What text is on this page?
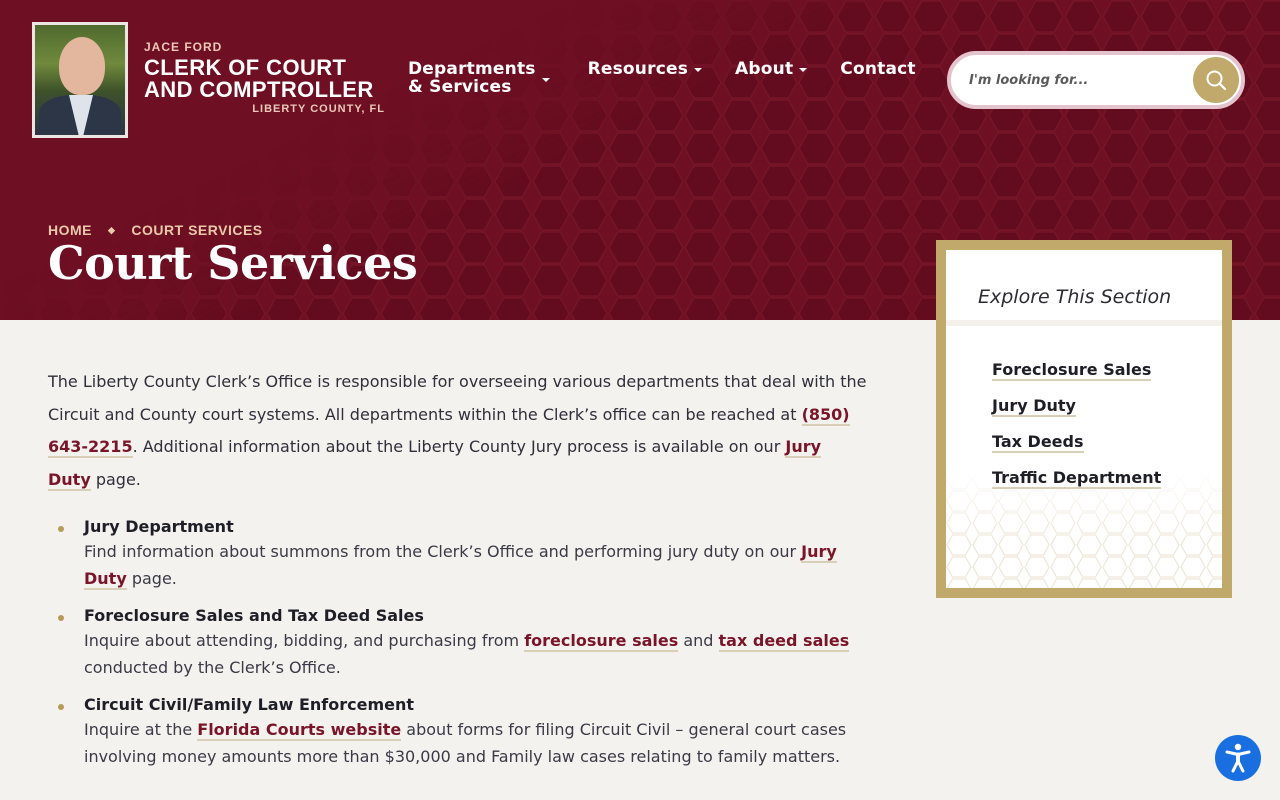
JACE FORD
CLERK OF COURT
AND COMPTROLLER
LIBERTY COUNTY, FL
Departments
& Services
Resources	About	Contact
I'm looking for...
HOME ◆ COURT SERVICES
Court Services

The Liberty County Clerk’s Office is responsible for overseeing various departments that deal with the Circuit and County court systems. All departments within the Clerk’s office can be reached at (850) 643-2215. Additional information about the Liberty County Jury process is available on our Jury Duty page.

Jury Department
Find information about summons from the Clerk’s Office and performing jury duty on our Jury Duty page.
Foreclosure Sales and Tax Deed Sales
Inquire about attending, bidding, and purchasing from foreclosure sales and tax deed sales conducted by the Clerk’s Office.
Circuit Civil/Family Law Enforcement
Inquire at the Florida Courts website about forms for filing Circuit Civil – general court cases involving money amounts more than $30,000 and Family law cases relating to family matters.
Explore This Section
Foreclosure Sales
Jury Duty
Tax Deeds
Traffic Department
